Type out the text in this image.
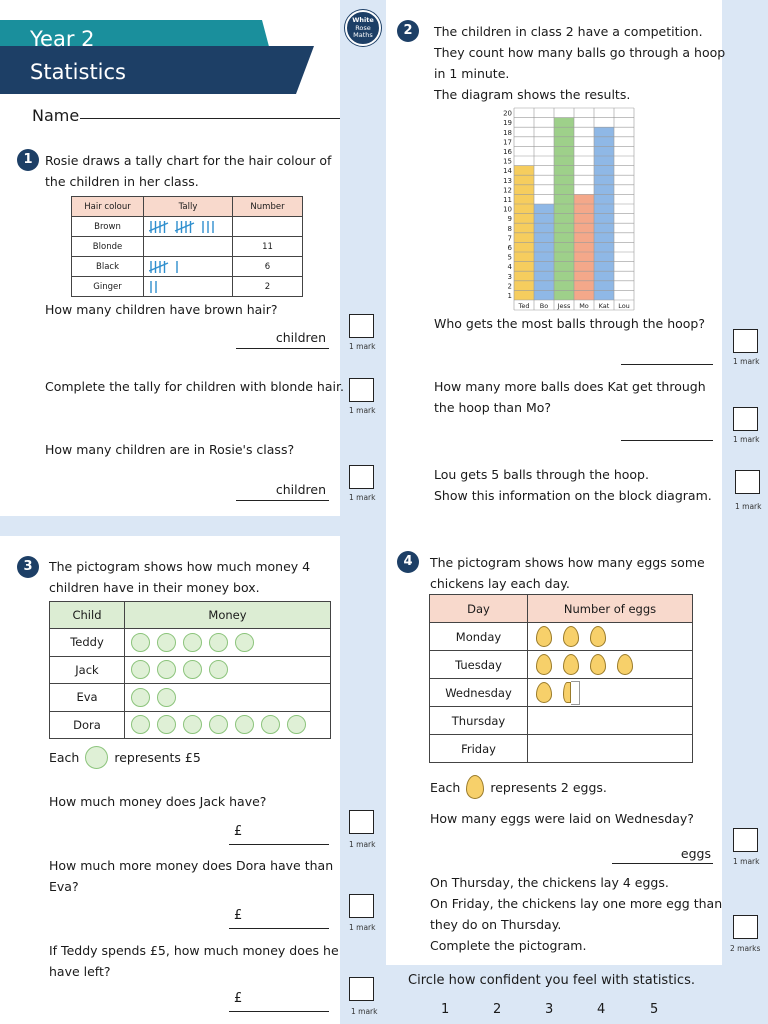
Year 2
Statistics
Name
White
Rose
Maths
1 Rosie draws a tally chart for the hair colour of
the children in her class.
Hair colour	Tally	Number
Brown		
Blonde		11
Black		6
Ginger		2
How many children have brown hair?
children
1 mark
Complete the tally for children with blonde hair.
1 mark
How many children are in Rosie's class?
children
1 mark
2	The children in class 2 have a competition.
They count how many balls go through a hoop
in 1 minute.
The diagram shows the results.
1
2
3
4
5
6
7
8
9
10
11
12
13
14
15
16
17
18
19
20
Ted Bo Jess Mo Kat Lou
Who gets the most balls through the hoop?
1 mark
How many more balls does Kat get through
the hoop than Mo?
1 mark
Lou gets 5 balls through the hoop.
Show this information on the block diagram.
1 mark
3	The pictogram shows how much money 4
children have in their money box.
Child	Money
Teddy	
Jack	
Eva	
Dora	
Each	represents £5
How much money does Jack have?
£
1 mark
How much more money does Dora have than
Eva?
£
1 mark
If Teddy spends £5, how much money does he
have left?
£
1 mark
4	The pictogram shows how many eggs some
chickens lay each day.
Day	Number of eggs
Monday	
Tuesday	
Wednesday	
Thursday	
Friday	
Each represents 2 eggs.
How many eggs were laid on Wednesday?
eggs
1 mark
On Thursday, the chickens lay 4 eggs.
On Friday, the chickens lay one more egg than
they do on Thursday.
Complete the pictogram.	2 marks
Circle how confident you feel with statistics.
1	2	3	4	5
